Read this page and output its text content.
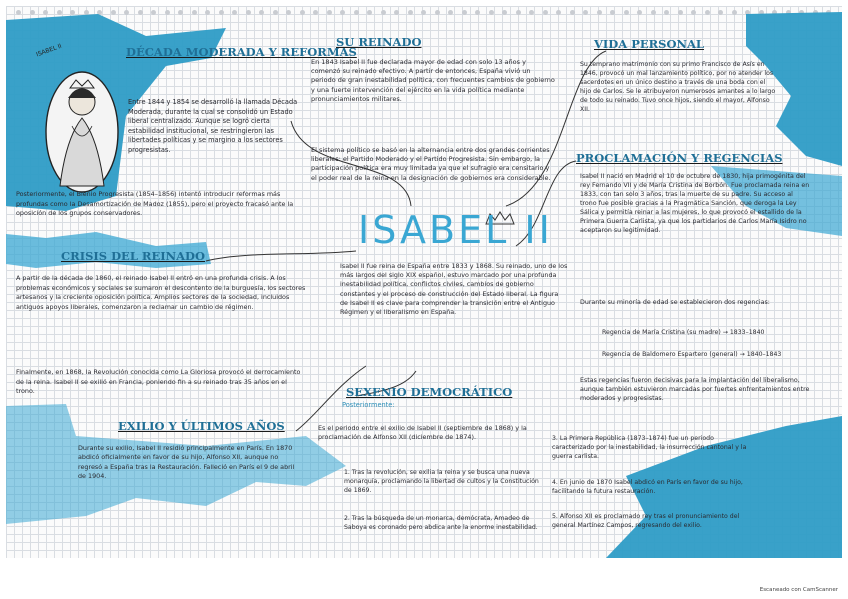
ISABEL II	DÉCADA MODERADA Y REFORMAS
Entre 1844 y 1854 se desarrolló la llamada Década Moderada, durante la cual se consolidó un Estado liberal centralizado. Aunque se logró cierta estabilidad institucional, se restringieron las libertades políticas y se margino a los sectores progresistas.
Posteriormente, el Bienio Progresista (1854–1856) intentó introducir reformas más profundas como la Desamortización de Madoz (1855), pero el proyecto fracasó ante la oposición de los grupos conservadores.
SU REINADO
En 1843 Isabel II fue declarada mayor de edad con solo 13 años y comenzó su reinado efectivo. A partir de entonces, España vivió un periodo de gran inestabilidad política, con frecuentes cambios de gobierno y una fuerte intervención del ejército en la vida política mediante pronunciamientos militares.
El sistema político se basó en la alternancia entre dos grandes corrientes liberales: el Partido Moderado y el Partido Progresista. Sin embargo, la participación política era muy limitada ya que el sufragio era censitario y el poder real de la reina en la designación de gobiernos era considerable.
VIDA PERSONAL
Su temprano matrimonio con su primo Francisco de Asís en 1846, provocó un mal lanzamiento político, por no atender los sacerdotes en un único destino a través de una boda con el hijo de Carlos. Se le atribuyeron numerosos amantes a lo largo de todo su reinado. Tuvo once hijos, siendo el mayor, Alfonso XII.
ISABEL II
Isabel II fue reina de España entre 1833 y 1868. Su reinado, uno de los más largos del siglo XIX español, estuvo marcado por una profunda inestabilidad política, conflictos civiles, cambios de gobierno constantes y el proceso de construcción del Estado liberal. La figura de Isabel II es clave para comprender la transición entre el Antiguo Régimen y el liberalismo en España.
CRISIS DEL REINADO
A partir de la década de 1860, el reinado Isabel II entró en una profunda crisis. A los problemas económicos y sociales se sumaron el descontento de la burguesía, los sectores artesanos y la creciente oposición política. Amplios sectores de la sociedad, incluidos antiguos apoyos liberales, comenzaron a reclamar un cambio de régimen.
Finalmente, en 1868, la Revolución conocida como La Gloriosa provocó el derrocamiento de la reina. Isabel II se exilió en Francia, poniendo fin a su reinado tras 35 años en el trono.
EXILIO Y ÚLTIMOS AÑOS
Durante su exilio, Isabel II residió principalmente en París. En 1870 abdicó oficialmente en favor de su hijo, Alfonso XII, aunque no regresó a España tras la Restauración. Falleció en París el 9 de abril de 1904.
SEXENIO DEMOCRÁTICO
Posteriormente:
Es el periodo entre el exilio de Isabel II (septiembre de 1868) y la proclamación de Alfonso XII (diciembre de 1874).
1. Tras la revolución, se exilia la reina y se busca una nueva monarquía, proclamando la libertad de cultos y la Constitución de 1869.
2. Tras la búsqueda de un monarca, demócrata, Amadeo de Saboya es coronado pero abdica ante la enorme inestabilidad.
3. La Primera República (1873–1874) fue un periodo caracterizado por la inestabilidad, la insurrección cantonal y la guerra carlista.
4. En junio de 1870 Isabel abdicó en París en favor de su hijo, facilitando la futura restauración.
5. Alfonso XII es proclamado rey tras el pronunciamiento del general Martínez Campos, regresando del exilio.
PROCLAMACIÓN Y REGENCIAS
Isabel II nació en Madrid el 10 de octubre de 1830, hija primogénita del rey Fernando VII y de María Cristina de Borbón. Fue proclamada reina en 1833, con tan solo 3 años, tras la muerte de su padre. Su acceso al trono fue posible gracias a la Pragmática Sanción, que deroga la Ley Sálica y permitía reinar a las mujeres, lo que provocó el estallido de la Primera Guerra Carlista, ya que los partidarios de Carlos María Isidro no aceptaron su legitimidad.
Durante su minoría de edad se establecieron dos regencias:
Regencia de María Cristina (su madre) → 1833–1840
Regencia de Baldomero Espartero (general) → 1840–1843
Estas regencias fueron decisivas para la implantación del liberalismo, aunque también estuvieron marcadas por fuertes enfrentamientos entre moderados y progresistas.
Escaneado con CamScanner
